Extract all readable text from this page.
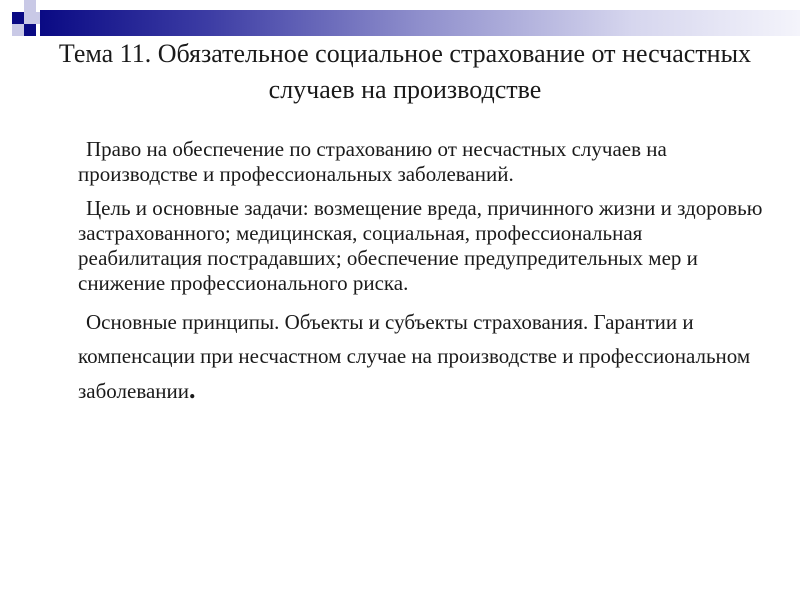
Тема 11. Обязательное социальное страхование от несчастных случаев на производстве

Право на обеспечение по страхованию от несчастных случаев на производстве и профессиональных заболеваний.

Цель и основные задачи: возмещение вреда, причинного жизни и здоровью застрахованного; медицинская, социальная, профессиональная реабилитация пострадавших; обеспечение предупредительных мер и снижение профессионального риска.

Основные принципы. Объекты и субъекты страхования. Гарантии и компенсации при несчастном случае на производстве и профессиональном заболевании.
